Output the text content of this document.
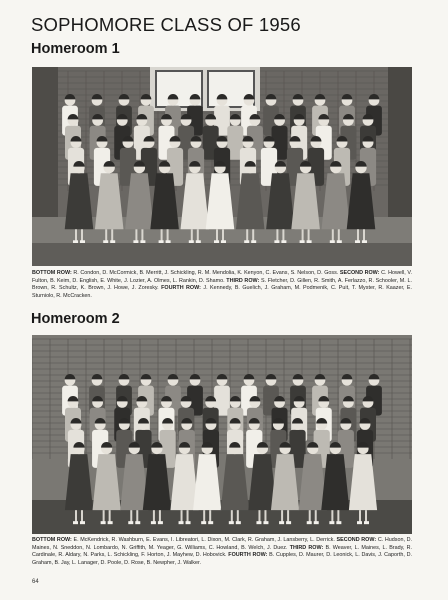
SOPHOMORE CLASS OF 1956
Homeroom 1

BOTTOM ROW: R. Condon, D. McCormick, B. Merritt, J. Schickling, R. M. Mendolia, K. Kenyon, C. Evans, S. Nelson, D. Goss. SECOND ROW: C. Howell, V. Fulton, B. Keim, D. English, E. White, J. Lozier, A. Olmes, L. Rankin, D. Shamo. THIRD ROW: S. Fletcher, D. Gillen, R. Smith, A. Ferlazzo, R. Schooler, M. L. Brown, R. Schultz, K. Brown, J. Howe, J. Zoresky. FOURTH ROW: J. Kennedy, B. Guelich, J. Graham, M. Podmenik, C. Puit, T. Myster, R. Kaazer, E. Sturniolo, R. McCracken.

Homeroom 2

BOTTOM ROW: E. McKendrick, R. Washburn, E. Evans, I. Libreatori, L. Dixon, M. Clark, R. Graham, J. Lansberry, L. Derrick. SECOND ROW: C. Hudson, D. Maines, N. Sneddon, N. Lombardo, N. Griffith, M. Yeager, G. Williams, C. Howland, B. Welch, J. Duez. THIRD ROW: B. Weaver, L. Maines, L. Brady, R. Cardinale, R. Aldary, N. Parks, L. Schickling, F. Horton, J. Mayhew, D. Hobovick. FOURTH ROW: B. Cupples, D. Maurer, D. Leonick, L. Davis, J. Caporth, D. Graham, B. Jay, L. Lanager, D. Poole, D. Rose, B. Newpher, J. Walker.

64
